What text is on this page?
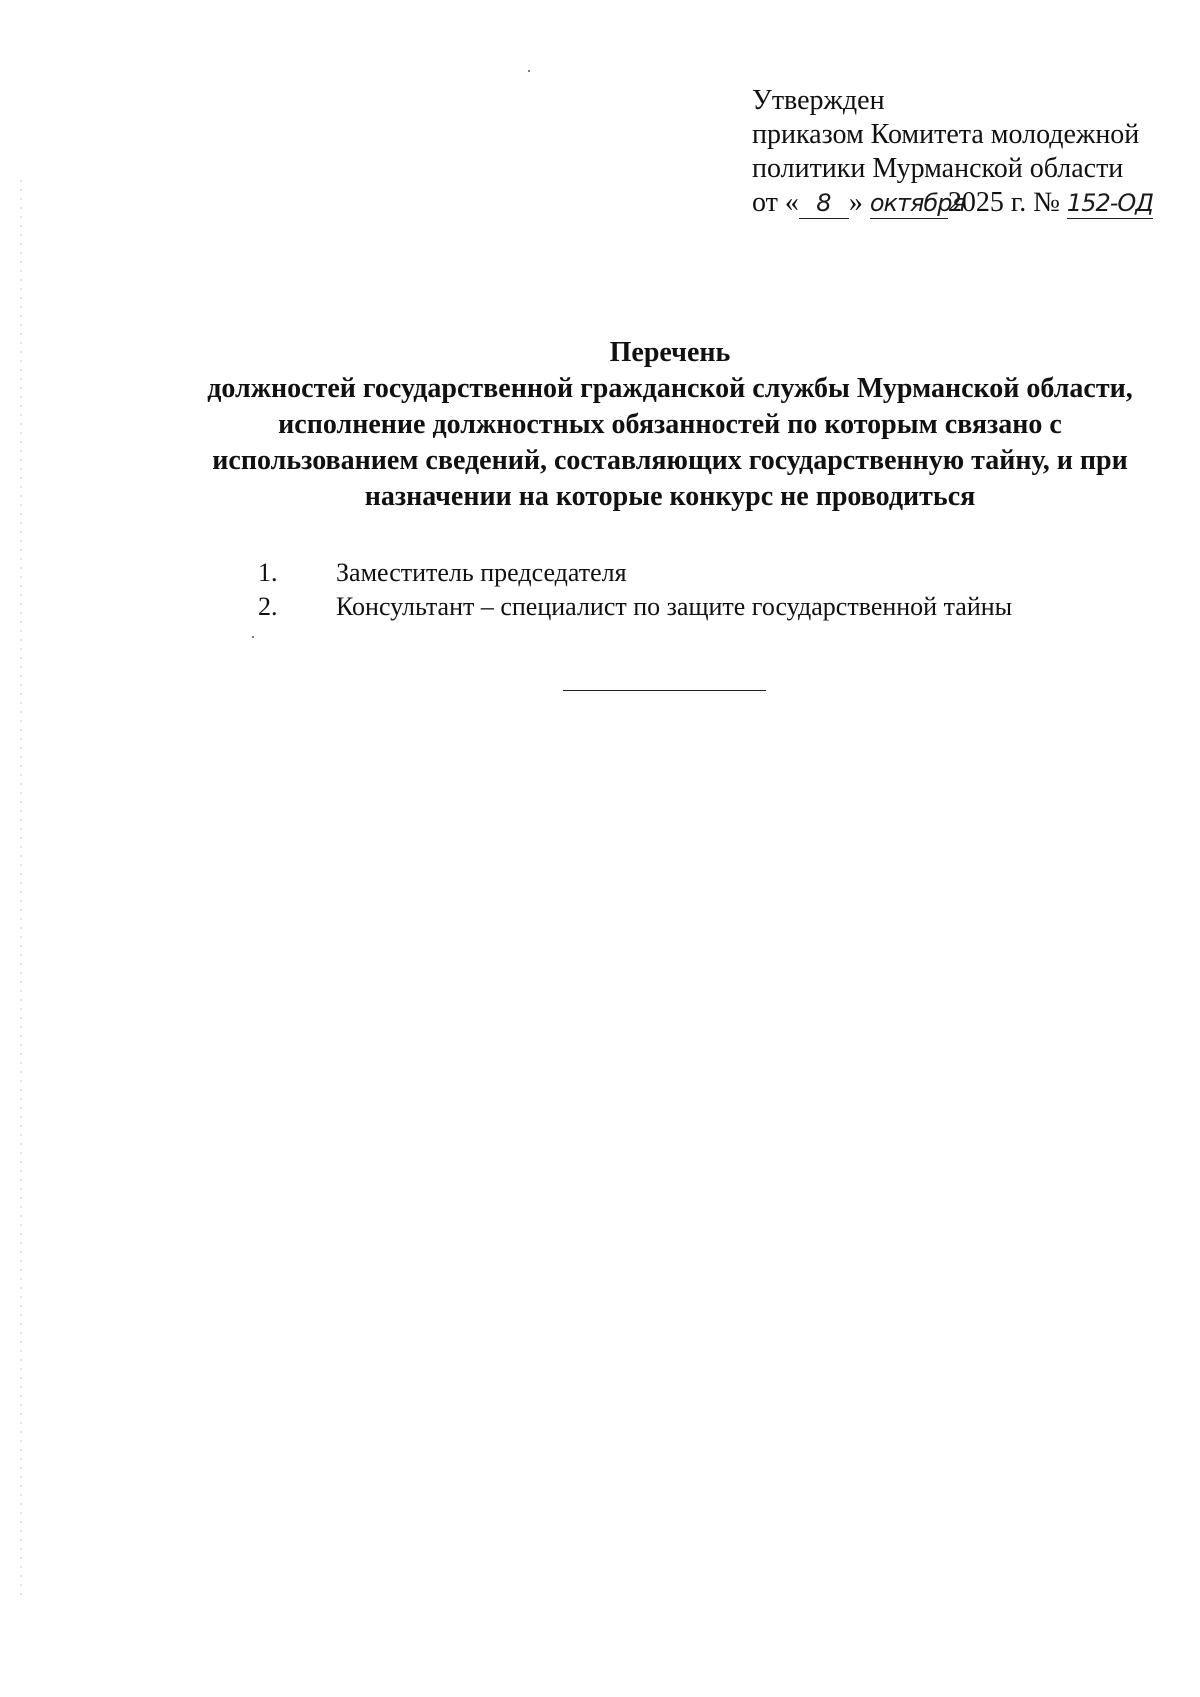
Утвержден
приказом Комитета молодежной
политики Мурманской области
от « 8 » октября2025 г. № 152-ОД
Перечень
должностей государственной гражданской службы Мурманской области,
исполнение должностных обязанностей по которым связано с
использованием сведений, составляющих государственную тайну, и при
назначении на которые конкурс не проводиться
1.	Заместитель председателя
2.	Консультант – специалист по защите государственной тайны
